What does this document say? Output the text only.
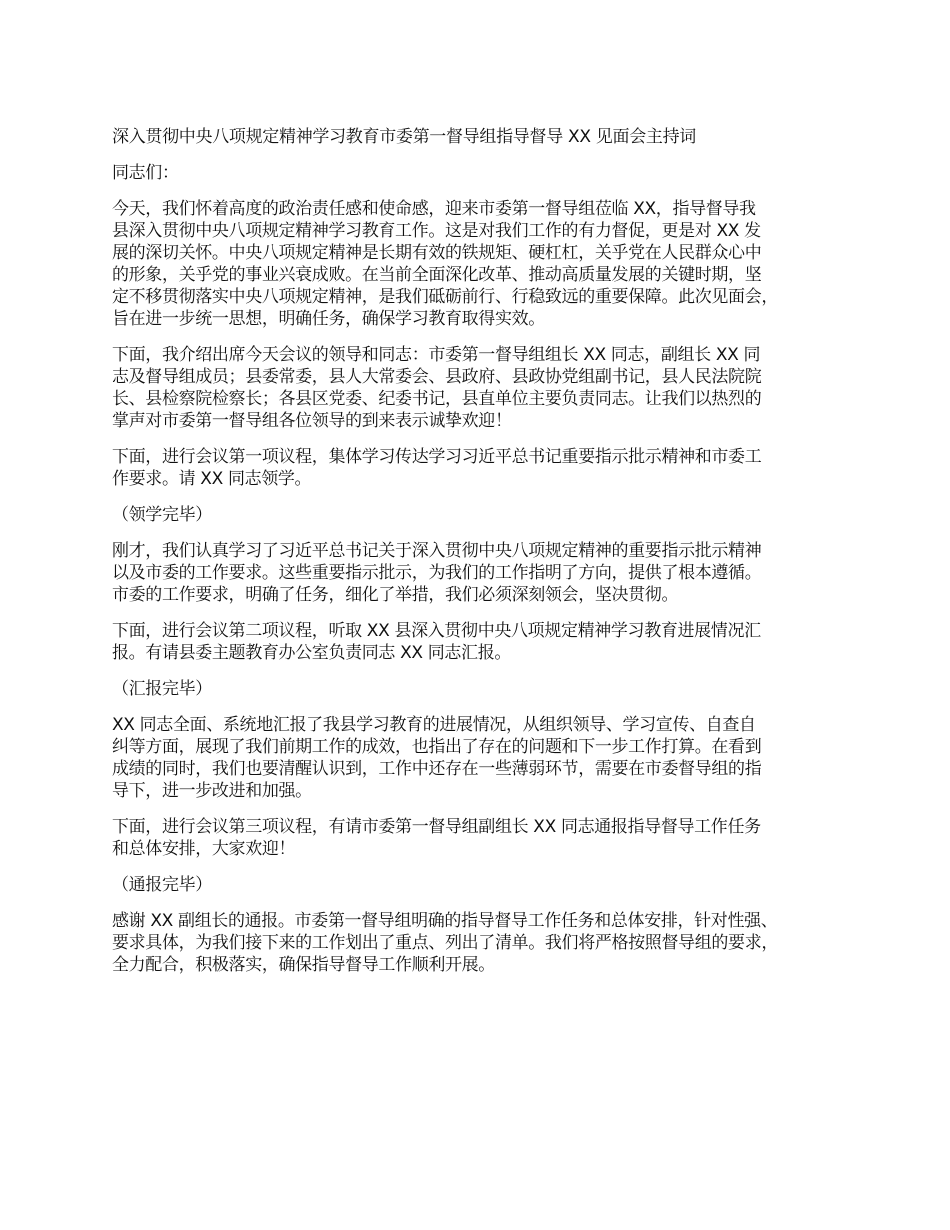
深入贯彻中央八项规定精神学习教育市委第一督导组指导督导 XX 见面会主持词
同志们：
今天，我们怀着高度的政治责任感和使命感，迎来市委第一督导组莅临 XX，指导督导我
县深入贯彻中央八项规定精神学习教育工作。这是对我们工作的有力督促，更是对 XX 发
展的深切关怀。中央八项规定精神是长期有效的铁规矩、硬杠杠，关乎党在人民群众心中
的形象，关乎党的事业兴衰成败。在当前全面深化改革、推动高质量发展的关键时期，坚
定不移贯彻落实中央八项规定精神，是我们砥砺前行、行稳致远的重要保障。此次见面会，
旨在进一步统一思想，明确任务，确保学习教育取得实效。
下面，我介绍出席今天会议的领导和同志：市委第一督导组组长 XX 同志，副组长 XX 同
志及督导组成员；县委常委，县人大常委会、县政府、县政协党组副书记，县人民法院院
长、县检察院检察长；各县区党委、纪委书记，县直单位主要负责同志。让我们以热烈的
掌声对市委第一督导组各位领导的到来表示诚挚欢迎！
下面，进行会议第一项议程，集体学习传达学习习近平总书记重要指示批示精神和市委工
作要求。请 XX 同志领学。
（领学完毕）
刚才，我们认真学习了习近平总书记关于深入贯彻中央八项规定精神的重要指示批示精神
以及市委的工作要求。这些重要指示批示，为我们的工作指明了方向，提供了根本遵循。
市委的工作要求，明确了任务，细化了举措，我们必须深刻领会，坚决贯彻。
下面，进行会议第二项议程，听取 XX 县深入贯彻中央八项规定精神学习教育进展情况汇
报。有请县委主题教育办公室负责同志 XX 同志汇报。
（汇报完毕）
XX 同志全面、系统地汇报了我县学习教育的进展情况，从组织领导、学习宣传、自查自
纠等方面，展现了我们前期工作的成效，也指出了存在的问题和下一步工作打算。在看到
成绩的同时，我们也要清醒认识到，工作中还存在一些薄弱环节，需要在市委督导组的指
导下，进一步改进和加强。
下面，进行会议第三项议程，有请市委第一督导组副组长 XX 同志通报指导督导工作任务
和总体安排，大家欢迎！
（通报完毕）
感谢 XX 副组长的通报。市委第一督导组明确的指导督导工作任务和总体安排，针对性强、
要求具体，为我们接下来的工作划出了重点、列出了清单。我们将严格按照督导组的要求，
全力配合，积极落实，确保指导督导工作顺利开展。
